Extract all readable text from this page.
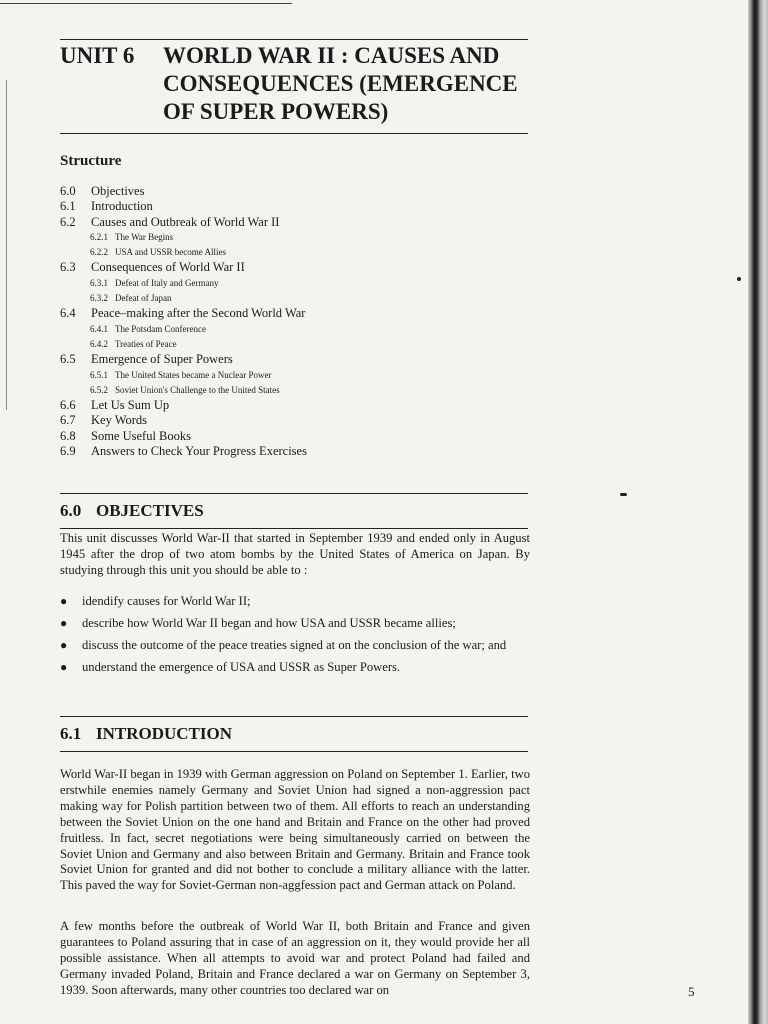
UNIT 6	WORLD WAR II : CAUSES AND
CONSEQUENCES (EMERGENCE
OF SUPER POWERS)
Structure
6.0	Objectives
6.1	Introduction
6.2	Causes and Outbreak of World War II
6.2.1 The War Begins
6.2.2 USA and USSR become Allies
6.3	Consequences of World War II
6.3.1 Defeat of Italy and Germany
6.3.2 Defeat of Japan
6.4	Peace–making after the Second World War
6.4.1 The Potsdam Conference
6.4.2 Treaties of Peace
6.5	Emergence of Super Powers
6.5.1 The United States became a Nuclear Power
6.5.2 Soviet Union's Challenge to the United States
6.6	Let Us Sum Up
6.7	Key Words
6.8	Some Useful Books
6.9	Answers to Check Your Progress Exercises
6.0 OBJECTIVES

This unit discusses World War-II that started in September 1939 and ended only in August 1945 after the drop of two atom bombs by the United States of America on Japan. By studying through this unit you should be able to :

●	idendify causes for World War II;
●	describe how World War II began and how USA and USSR became allies;
●	discuss the outcome of the peace treaties signed at on the conclusion of the war; and
●	understand the emergence of USA and USSR as Super Powers.
6.1 INTRODUCTION

World War-II began in 1939 with German aggression on Poland on September 1. Earlier, two erstwhile enemies namely Germany and Soviet Union had signed a non-aggression pact making way for Polish partition between two of them. All efforts to reach an understanding between the Soviet Union on the one hand and Britain and France on the other had proved fruitless. In fact, secret negotiations were being simultaneously carried on between the Soviet Union and Germany and also between Britain and Germany. Britain and France took Soviet Union for granted and did not bother to conclude a military alliance with the latter. This paved the way for Soviet-German non-aggfession pact and German attack on Poland.

A few months before the outbreak of World War II, both Britain and France and given guarantees to Poland assuring that in case of an aggression on it, they would provide her all possible assistance. When all attempts to avoid war and protect Poland had failed and Germany invaded Poland, Britain and France declared a war on Germany on September 3, 1939. Soon afterwards, many other countries too declared war on	5
